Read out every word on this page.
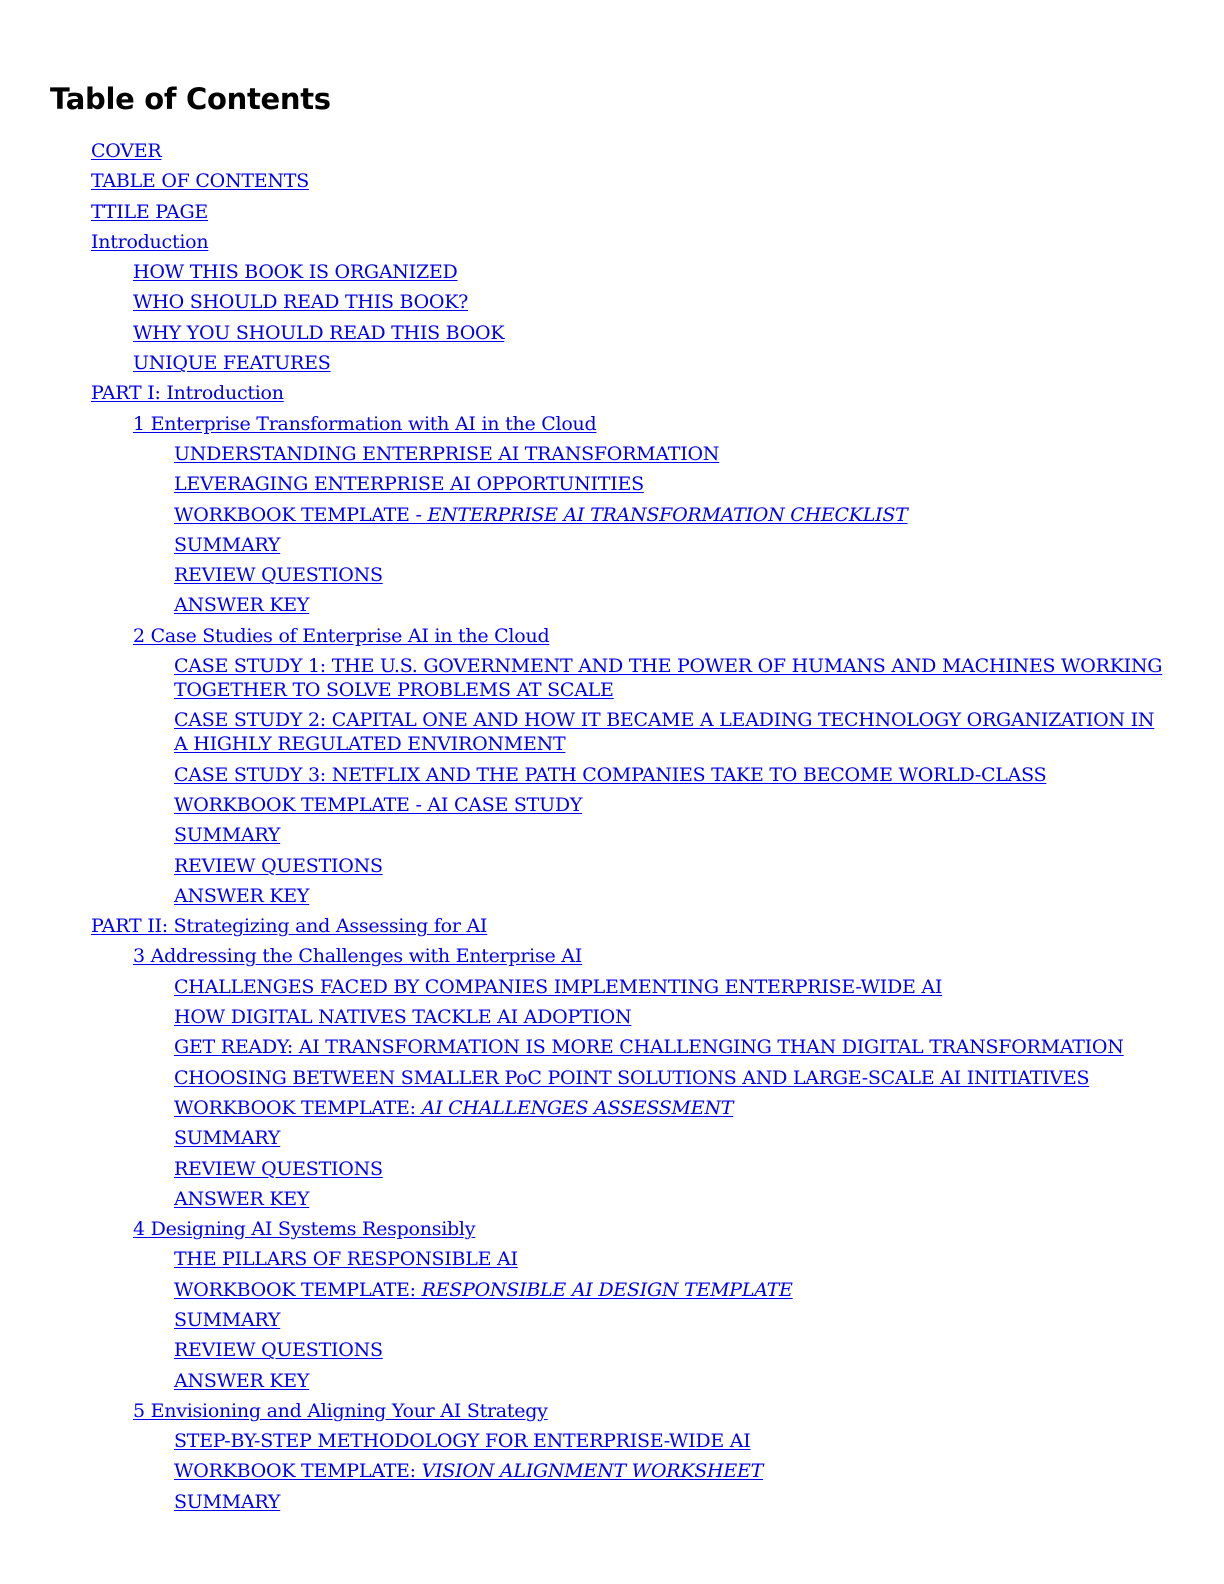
Table of Contents
COVER
TABLE OF CONTENTS
TTILE PAGE
Introduction
HOW THIS BOOK IS ORGANIZED
WHO SHOULD READ THIS BOOK?
WHY YOU SHOULD READ THIS BOOK
UNIQUE FEATURES
PART I: Introduction
1 Enterprise Transformation with AI in the Cloud
UNDERSTANDING ENTERPRISE AI TRANSFORMATION
LEVERAGING ENTERPRISE AI OPPORTUNITIES
WORKBOOK TEMPLATE - ENTERPRISE AI TRANSFORMATION CHECKLIST
SUMMARY
REVIEW QUESTIONS
ANSWER KEY
2 Case Studies of Enterprise AI in the Cloud
CASE STUDY 1: THE U.S. GOVERNMENT AND THE POWER OF HUMANS AND MACHINES WORKING TOGETHER TO SOLVE PROBLEMS AT SCALE
CASE STUDY 2: CAPITAL ONE AND HOW IT BECAME A LEADING TECHNOLOGY ORGANIZATION IN A HIGHLY REGULATED ENVIRONMENT
CASE STUDY 3: NETFLIX AND THE PATH COMPANIES TAKE TO BECOME WORLD-CLASS
WORKBOOK TEMPLATE - AI CASE STUDY
SUMMARY
REVIEW QUESTIONS
ANSWER KEY
PART II: Strategizing and Assessing for AI
3 Addressing the Challenges with Enterprise AI
CHALLENGES FACED BY COMPANIES IMPLEMENTING ENTERPRISE-WIDE AI
HOW DIGITAL NATIVES TACKLE AI ADOPTION
GET READY: AI TRANSFORMATION IS MORE CHALLENGING THAN DIGITAL TRANSFORMATION
CHOOSING BETWEEN SMALLER PoC POINT SOLUTIONS AND LARGE-SCALE AI INITIATIVES
WORKBOOK TEMPLATE: AI CHALLENGES ASSESSMENT
SUMMARY
REVIEW QUESTIONS
ANSWER KEY
4 Designing AI Systems Responsibly
THE PILLARS OF RESPONSIBLE AI
WORKBOOK TEMPLATE: RESPONSIBLE AI DESIGN TEMPLATE
SUMMARY
REVIEW QUESTIONS
ANSWER KEY
5 Envisioning and Aligning Your AI Strategy
STEP-BY-STEP METHODOLOGY FOR ENTERPRISE-WIDE AI
WORKBOOK TEMPLATE: VISION ALIGNMENT WORKSHEET
SUMMARY
